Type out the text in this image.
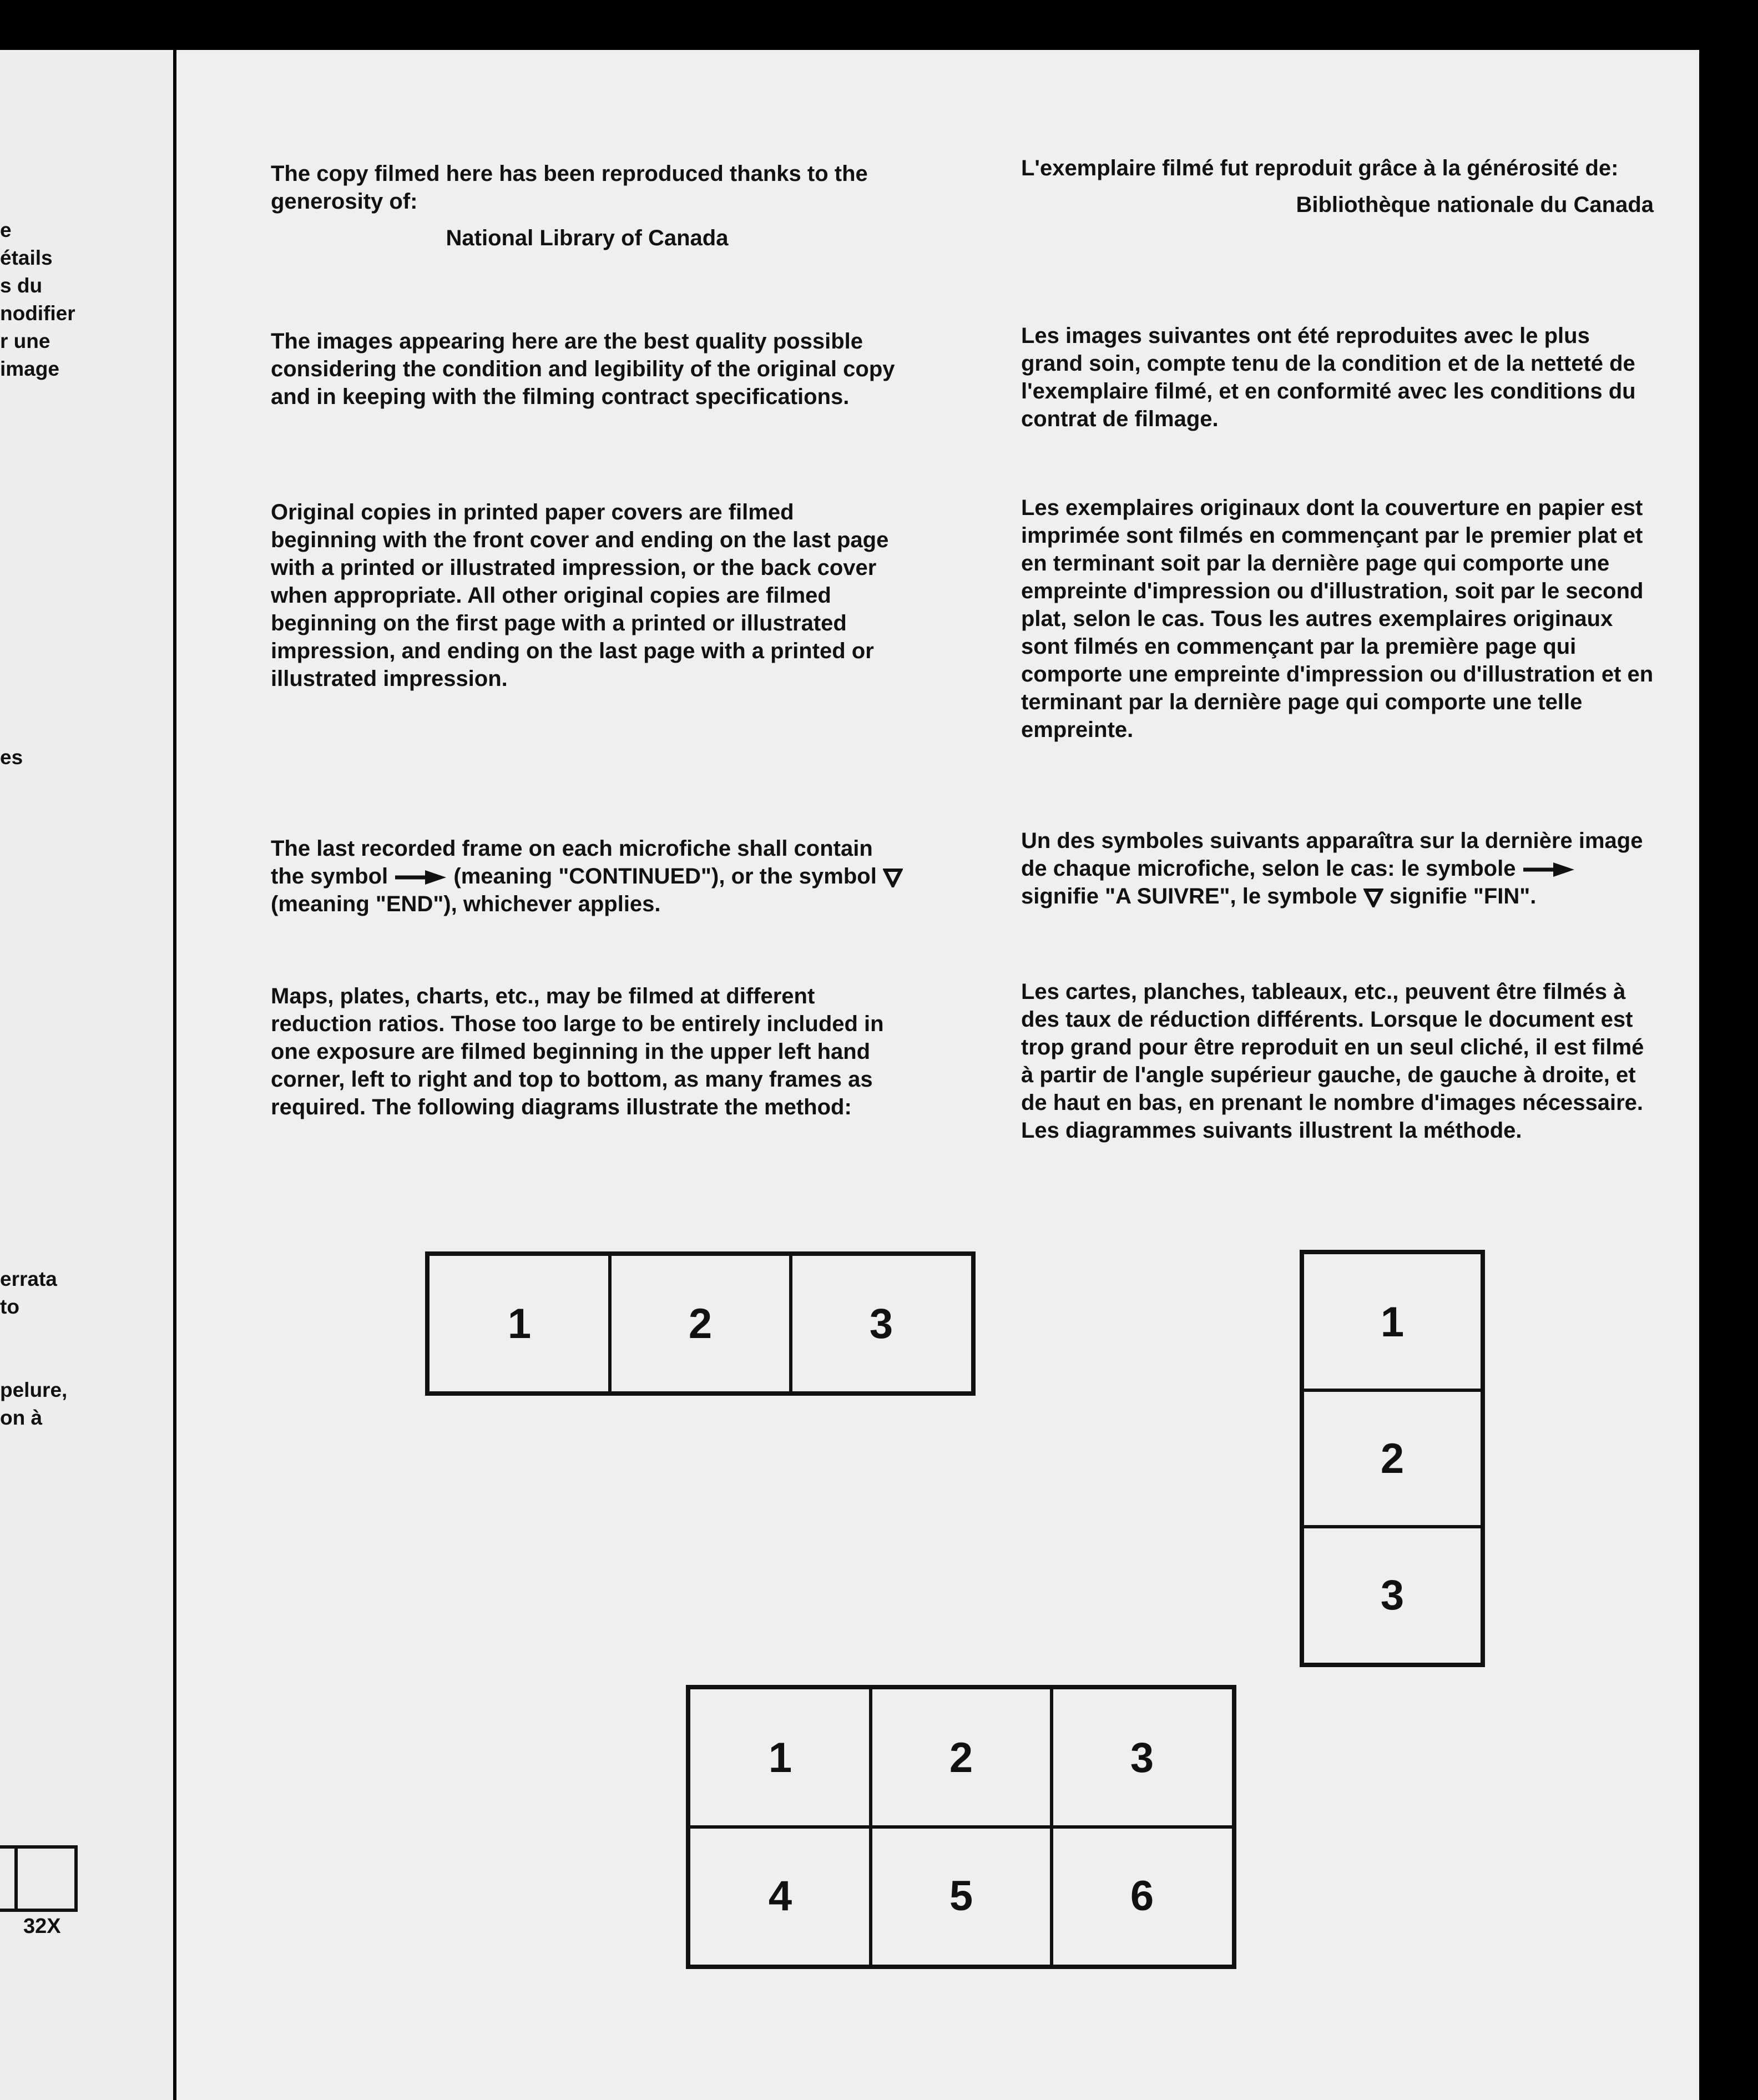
e
étails
s du
nodifier
r une
image
es
errata
to
pelure,
on à
32X

The copy filmed here has been reproduced thanks to the generosity of:

National Library of Canada

The images appearing here are the best quality possible considering the condition and legibility of the original copy and in keeping with the filming contract specifications.

Original copies in printed paper covers are filmed beginning with the front cover and ending on the last page with a printed or illustrated impression, or the back cover when appropriate. All other original copies are filmed beginning on the first page with a printed or illustrated impression, and ending on the last page with a printed or illustrated impression.

The last recorded frame on each microfiche shall contain the symbol	(meaning "CONTINUED"), or the symbol  (meaning "END"), whichever applies.

Maps, plates, charts, etc., may be filmed at different reduction ratios. Those too large to be entirely included in one exposure are filmed beginning in the upper left hand corner, left to right and top to bottom, as many frames as required. The following diagrams illustrate the method:

L'exemplaire filmé fut reproduit grâce à la générosité de:

Bibliothèque nationale du Canada

Les images suivantes ont été reproduites avec le plus grand soin, compte tenu de la condition et de la netteté de l'exemplaire filmé, et en conformité avec les conditions du contrat de filmage.

Les exemplaires originaux dont la couverture en papier est imprimée sont filmés en commençant par le premier plat et en terminant soit par la dernière page qui comporte une empreinte d'impression ou d'illustration, soit par le second plat, selon le cas. Tous les autres exemplaires originaux sont filmés en commençant par la première page qui comporte une empreinte d'impression ou d'illustration et en terminant par la dernière page qui comporte une telle empreinte.

Un des symboles suivants apparaîtra sur la dernière image de chaque microfiche, selon le cas: le symbole  signifie "A SUIVRE", le symbole signifie "FIN".

Les cartes, planches, tableaux, etc., peuvent être filmés à des taux de réduction différents. Lorsque le document est trop grand pour être reproduit en un seul cliché, il est filmé à partir de l'angle supérieur gauche, de gauche à droite, et de haut en bas, en prenant le nombre d'images nécessaire. Les diagrammes suivants illustrent la méthode.

1	2	3	1
2
3
1	2	3
4	5	6
